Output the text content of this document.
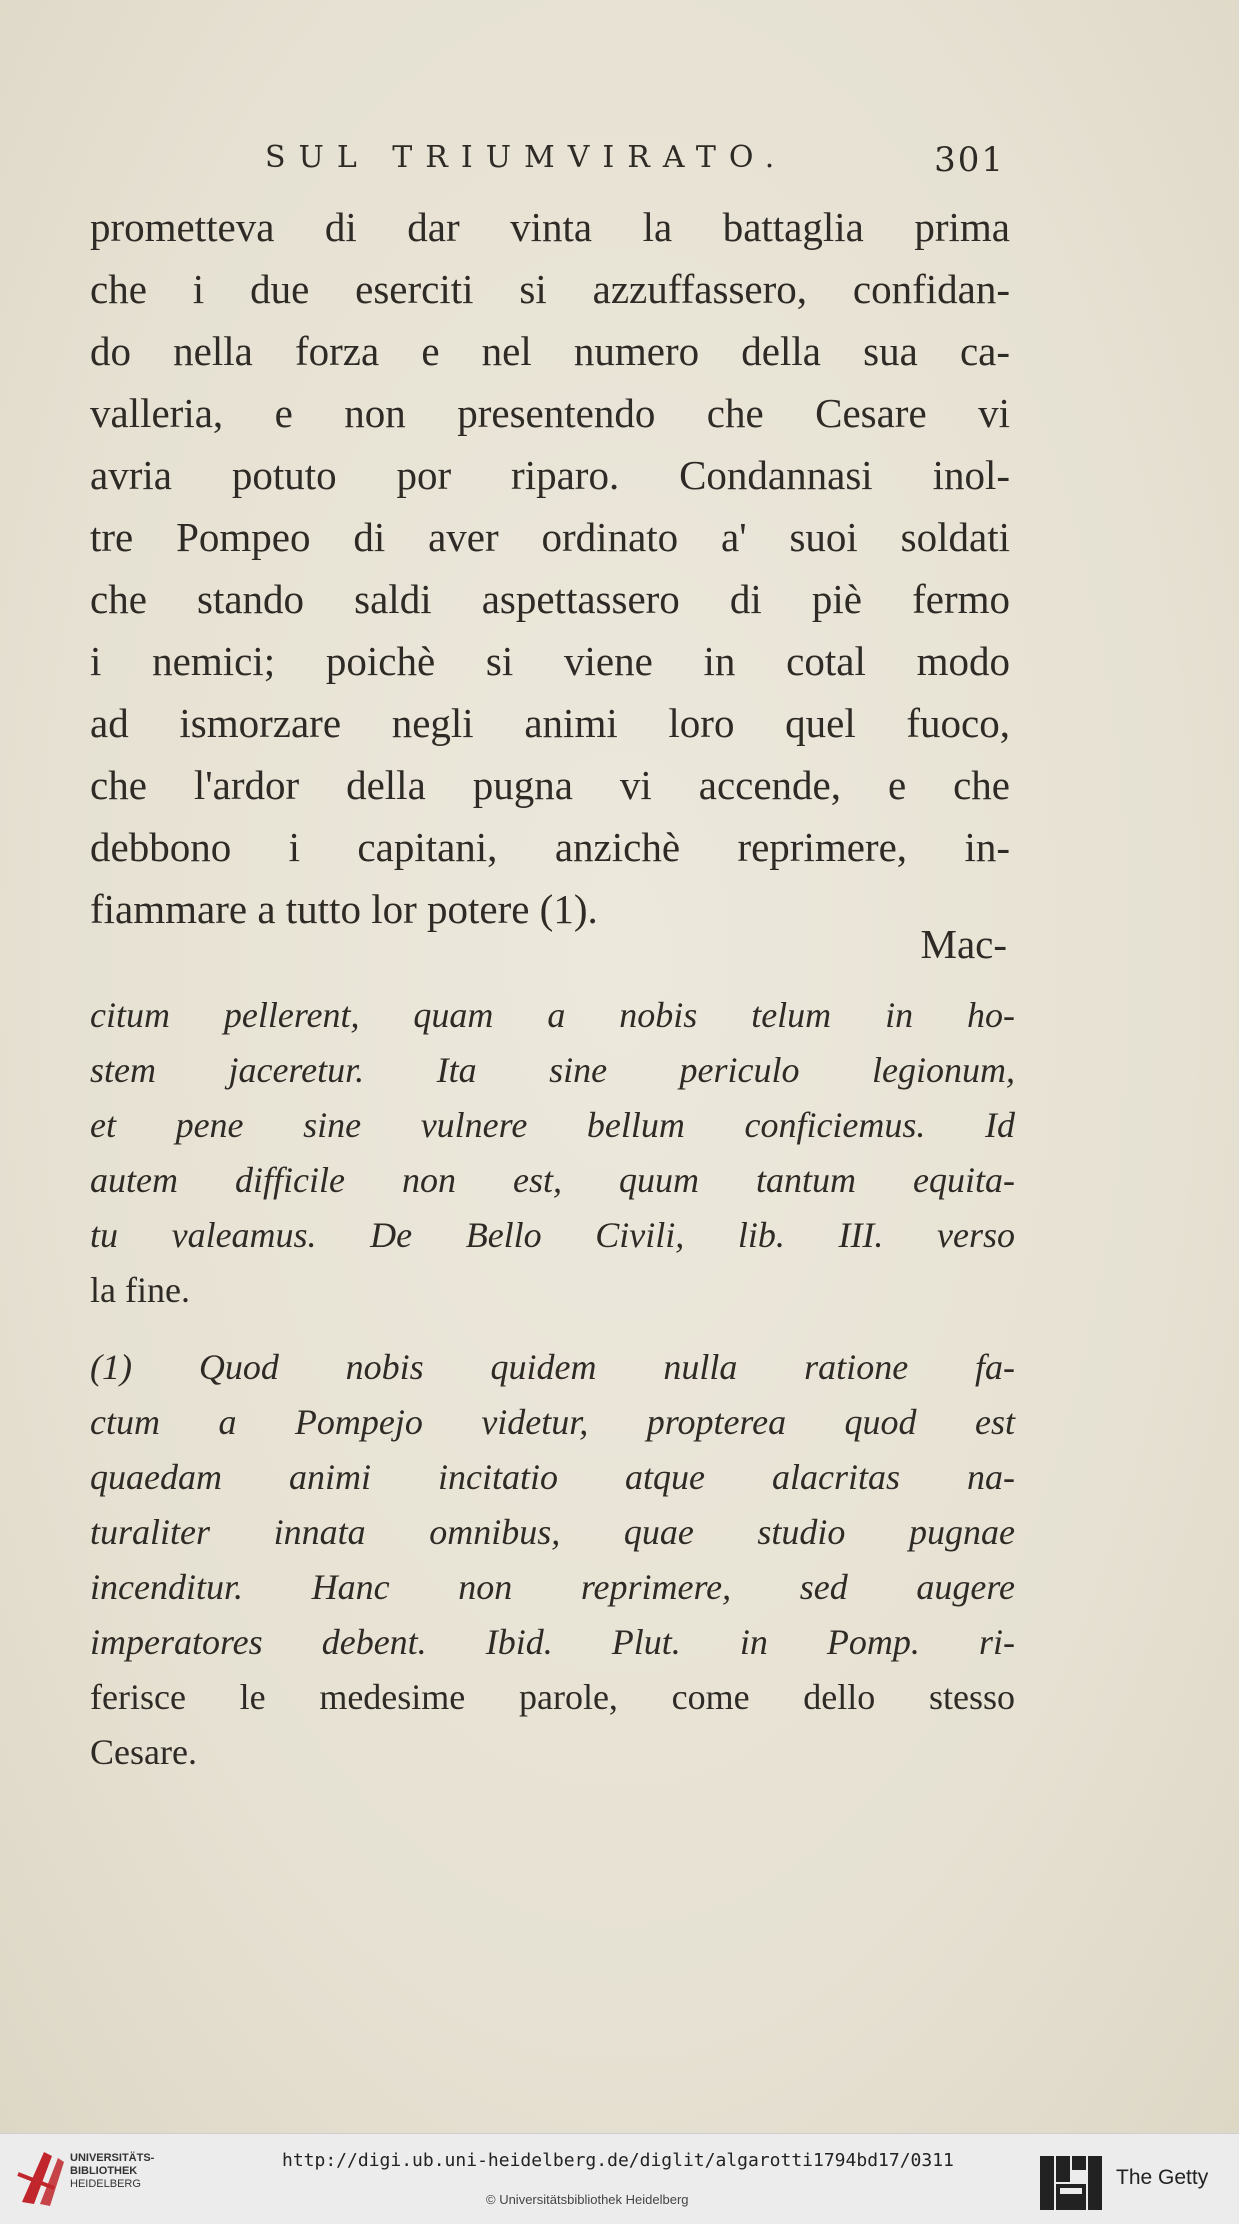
SUL TRIUMVIRATO.	301
prometteva di dar vinta la battaglia prima
che i due eserciti si azzuffassero, confidan-
do nella forza e nel numero della sua ca-
valleria, e non presentendo che Cesare vi
avria potuto por riparo. Condannasi inol-
tre Pompeo di aver ordinato a' suoi soldati
che stando saldi aspettassero di piè fermo
i nemici; poichè si viene in cotal modo
ad ismorzare negli animi loro quel fuoco,
che l'ardor della pugna vi accende, e che
debbono i capitani, anzichè reprimere, in-
fiammare a tutto lor potere (1).
Mac-
citum pellerent, quam a nobis telum in ho-
stem jaceretur. Ita sine periculo legionum,
et pene sine vulnere bellum conficiemus. Id
autem difficile non est, quum tantum equita-
tu valeamus. De Bello Civili, lib. III. verso
la fine.
(1) Quod nobis quidem nulla ratione fa-
ctum a Pompejo videtur, propterea quod est
quaedam animi incitatio atque alacritas na-
turaliter innata omnibus, quae studio pugnae
incenditur. Hanc non reprimere, sed augere
imperatores debent. Ibid. Plut. in Pomp. ri-
ferisce le medesime parole, come dello stesso
Cesare.
UNIVERSITÄTS-
BIBLIOTHEK
HEIDELBERG
http://digi.ub.uni-heidelberg.de/diglit/algarotti1794bd17/0311
© Universitätsbibliothek Heidelberg
The Getty
